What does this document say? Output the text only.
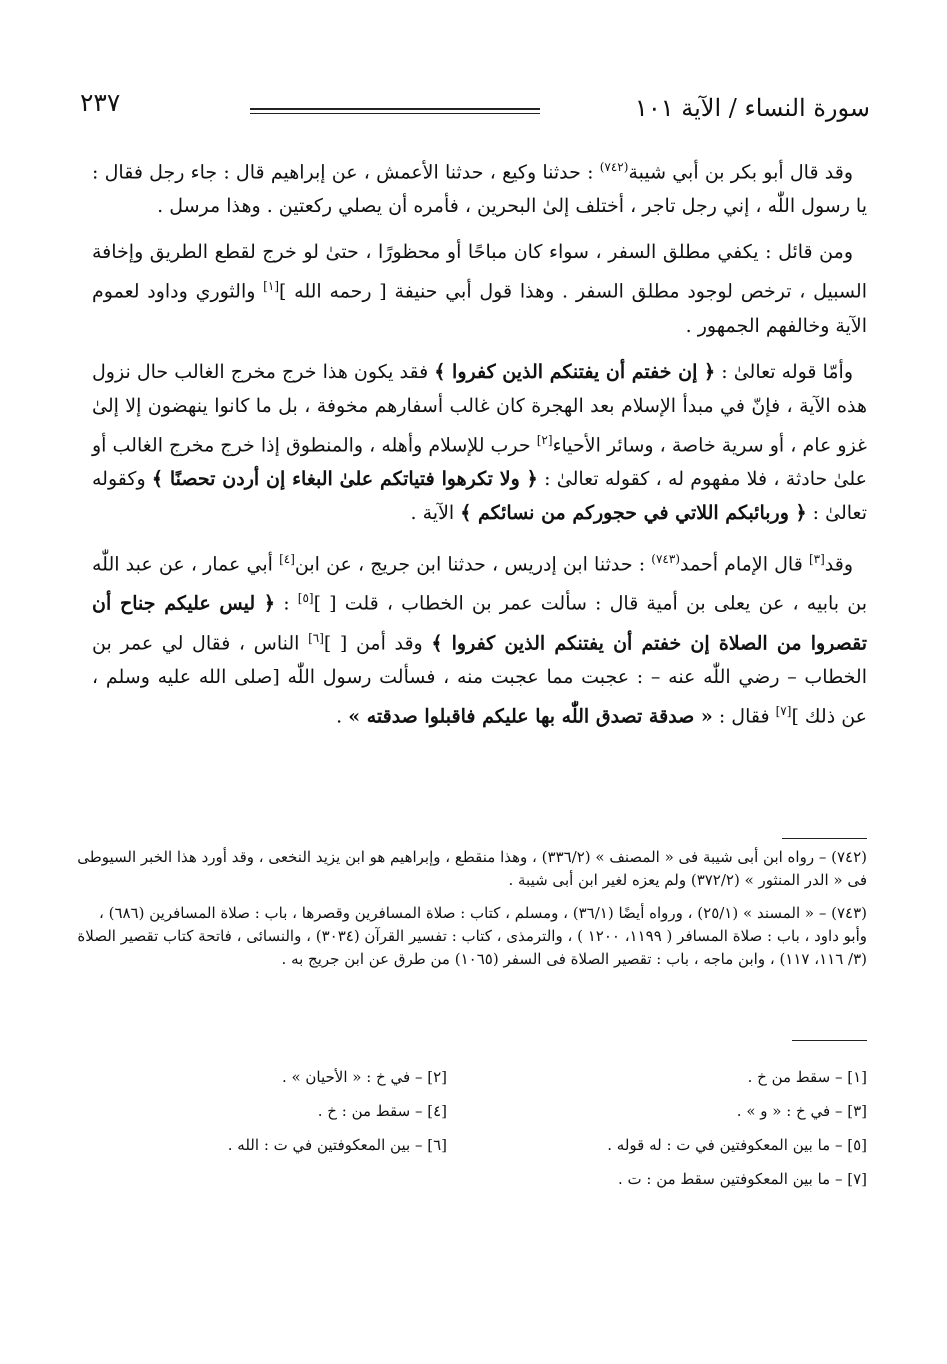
سورة النساء / الآية ١٠١
٢٣٧

وقد قال أبو بكر بن أبي شيبة$^{(٧٤٢)}$ : حدثنا وكيع ، حدثنا الأعمش ، عن إبراهيم قال : جاء رجل فقال : يا رسول اللّٰه ، إني رجل تاجر ، أختلف إلىٰ البحرين ، فأمره أن يصلي ركعتين . وهذا مرسل .

ومن قائل : يكفي مطلق السفر ، سواء كان مباحًا أو محظورًا ، حتىٰ لو خرج لقطع الطريق وإخافة السبيل ، ترخص لوجود مطلق السفر . وهذا قول أبي حنيفة [ رحمه الله ][١] والثوري وداود لعموم الآية وخالفهم الجمهور .

وأمّا قوله تعالىٰ : ﴿ إن خفتم أن يفتنكم الذين كفروا ﴾ فقد يكون هذا خرج مخرج الغالب حال نزول هذه الآية ، فإنّ في مبدأ الإسلام بعد الهجرة كان غالب أسفارهم مخوفة ، بل ما كانوا ينهضون إلا إلىٰ غزو عام ، أو سرية خاصة ، وسائر الأحياء[٢] حرب للإسلام وأهله ، والمنطوق إذا خرج مخرج الغالب أو علىٰ حادثة ، فلا مفهوم له ، كقوله تعالىٰ : ﴿ ولا تكرهوا فتياتكم علىٰ البغاء إن أردن تحصنًا ﴾ وكقوله تعالىٰ : ﴿ وربائبكم اللاتي في حجوركم من نسائكم ﴾ الآية .

وقد[٣] قال الإمام أحمد$^{(٧٤٣)}$ : حدثنا ابن إدريس ، حدثنا ابن جريج ، عن ابن[٤] أبي عمار ، عن عبد اللّٰه بن بابيه ، عن يعلى بن أمية قال : سألت عمر بن الخطاب ، قلت [ ][٥] : ﴿ ليس عليكم جناح أن تقصروا من الصلاة إن خفتم أن يفتنكم الذين كفروا ﴾ وقد أمن [ ][٦] الناس ، فقال لي عمر بن الخطاب – رضي اللّٰه عنه – : عجبت مما عجبت منه ، فسألت رسول اللّٰه [صلى الله عليه وسلم ، عن ذلك ][٧] فقال : « صدقة تصدق اللّٰه بها عليكم فاقبلوا صدقته » .

(٧٤٢) – رواه ابن أبى شيبة فى « المصنف » (٣٣٦/٢) ، وهذا منقطع ، وإبراهيم هو ابن يزيد النخعى ، وقد أورد هذا الخبر السيوطى فى « الدر المنثور » (٣٧٢/٢) ولم يعزه لغير ابن أبى شيبة .

(٧٤٣) – « المسند » (٢٥/١) ، ورواه أيضًا (٣٦/١) ، ومسلم ، كتاب : صلاة المسافرين وقصرها ، باب : صلاة المسافرين (٦٨٦) ، وأبو داود ، باب : صلاة المسافر ( ١١٩٩، ١٢٠٠ ) ، والترمذى ، كتاب : تفسير القرآن (٣٠٣٤) ، والنسائى ، فاتحة كتاب تقصير الصلاة (٣/ ١١٦، ١١٧) ، وابن ماجه ، باب : تقصير الصلاة فى السفر (١٠٦٥) من طرق عن ابن جريج به .

[١] – سقط من خ .
[٣] – في خ : « و » .
[٥] – ما بين المعكوفتين في ت : له قوله .
[٧] – ما بين المعكوفتين سقط من : ت .
[٢] – في خ : « الأحيان » .
[٤] – سقط من : خ .
[٦] – بين المعكوفتين في ت : الله .
